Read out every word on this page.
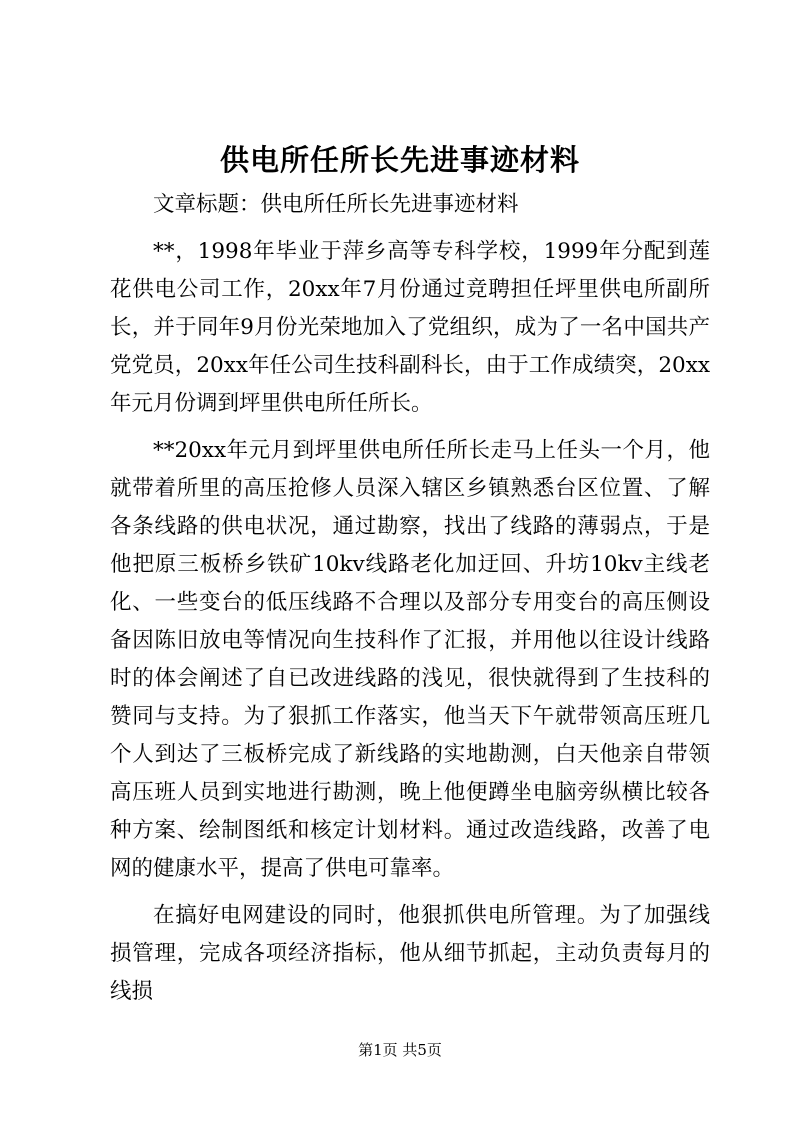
供电所任所长先进事迹材料

文章标题：供电所任所长先进事迹材料

**，1998年毕业于萍乡高等专科学校，1999年分配到莲花供电公司工作，20xx年7月份通过竞聘担任坪里供电所副所长，并于同年9月份光荣地加入了党组织，成为了一名中国共产党党员，20xx年任公司生技科副科长，由于工作成绩突，20xx年元月份调到坪里供电所任所长。

**20xx年元月到坪里供电所任所长走马上任头一个月，他就带着所里的高压抢修人员深入辖区乡镇熟悉台区位置、了解各条线路的供电状况，通过勘察，找出了线路的薄弱点，于是他把原三板桥乡铁矿10kv线路老化加迂回、升坊10kv主线老化、一些变台的低压线路不合理以及部分专用变台的高压侧设备因陈旧放电等情况向生技科作了汇报，并用他以往设计线路时的体会阐述了自已改进线路的浅见，很快就得到了生技科的赞同与支持。为了狠抓工作落实，他当天下午就带领高压班几个人到达了三板桥完成了新线路的实地勘测，白天他亲自带领高压班人员到实地进行勘测，晚上他便蹲坐电脑旁纵横比较各种方案、绘制图纸和核定计划材料。通过改造线路，改善了电网的健康水平，提高了供电可靠率。

在搞好电网建设的同时，他狠抓供电所管理。为了加强线损管理，完成各项经济指标，他从细节抓起，主动负责每月的线损

第1页 共5页
